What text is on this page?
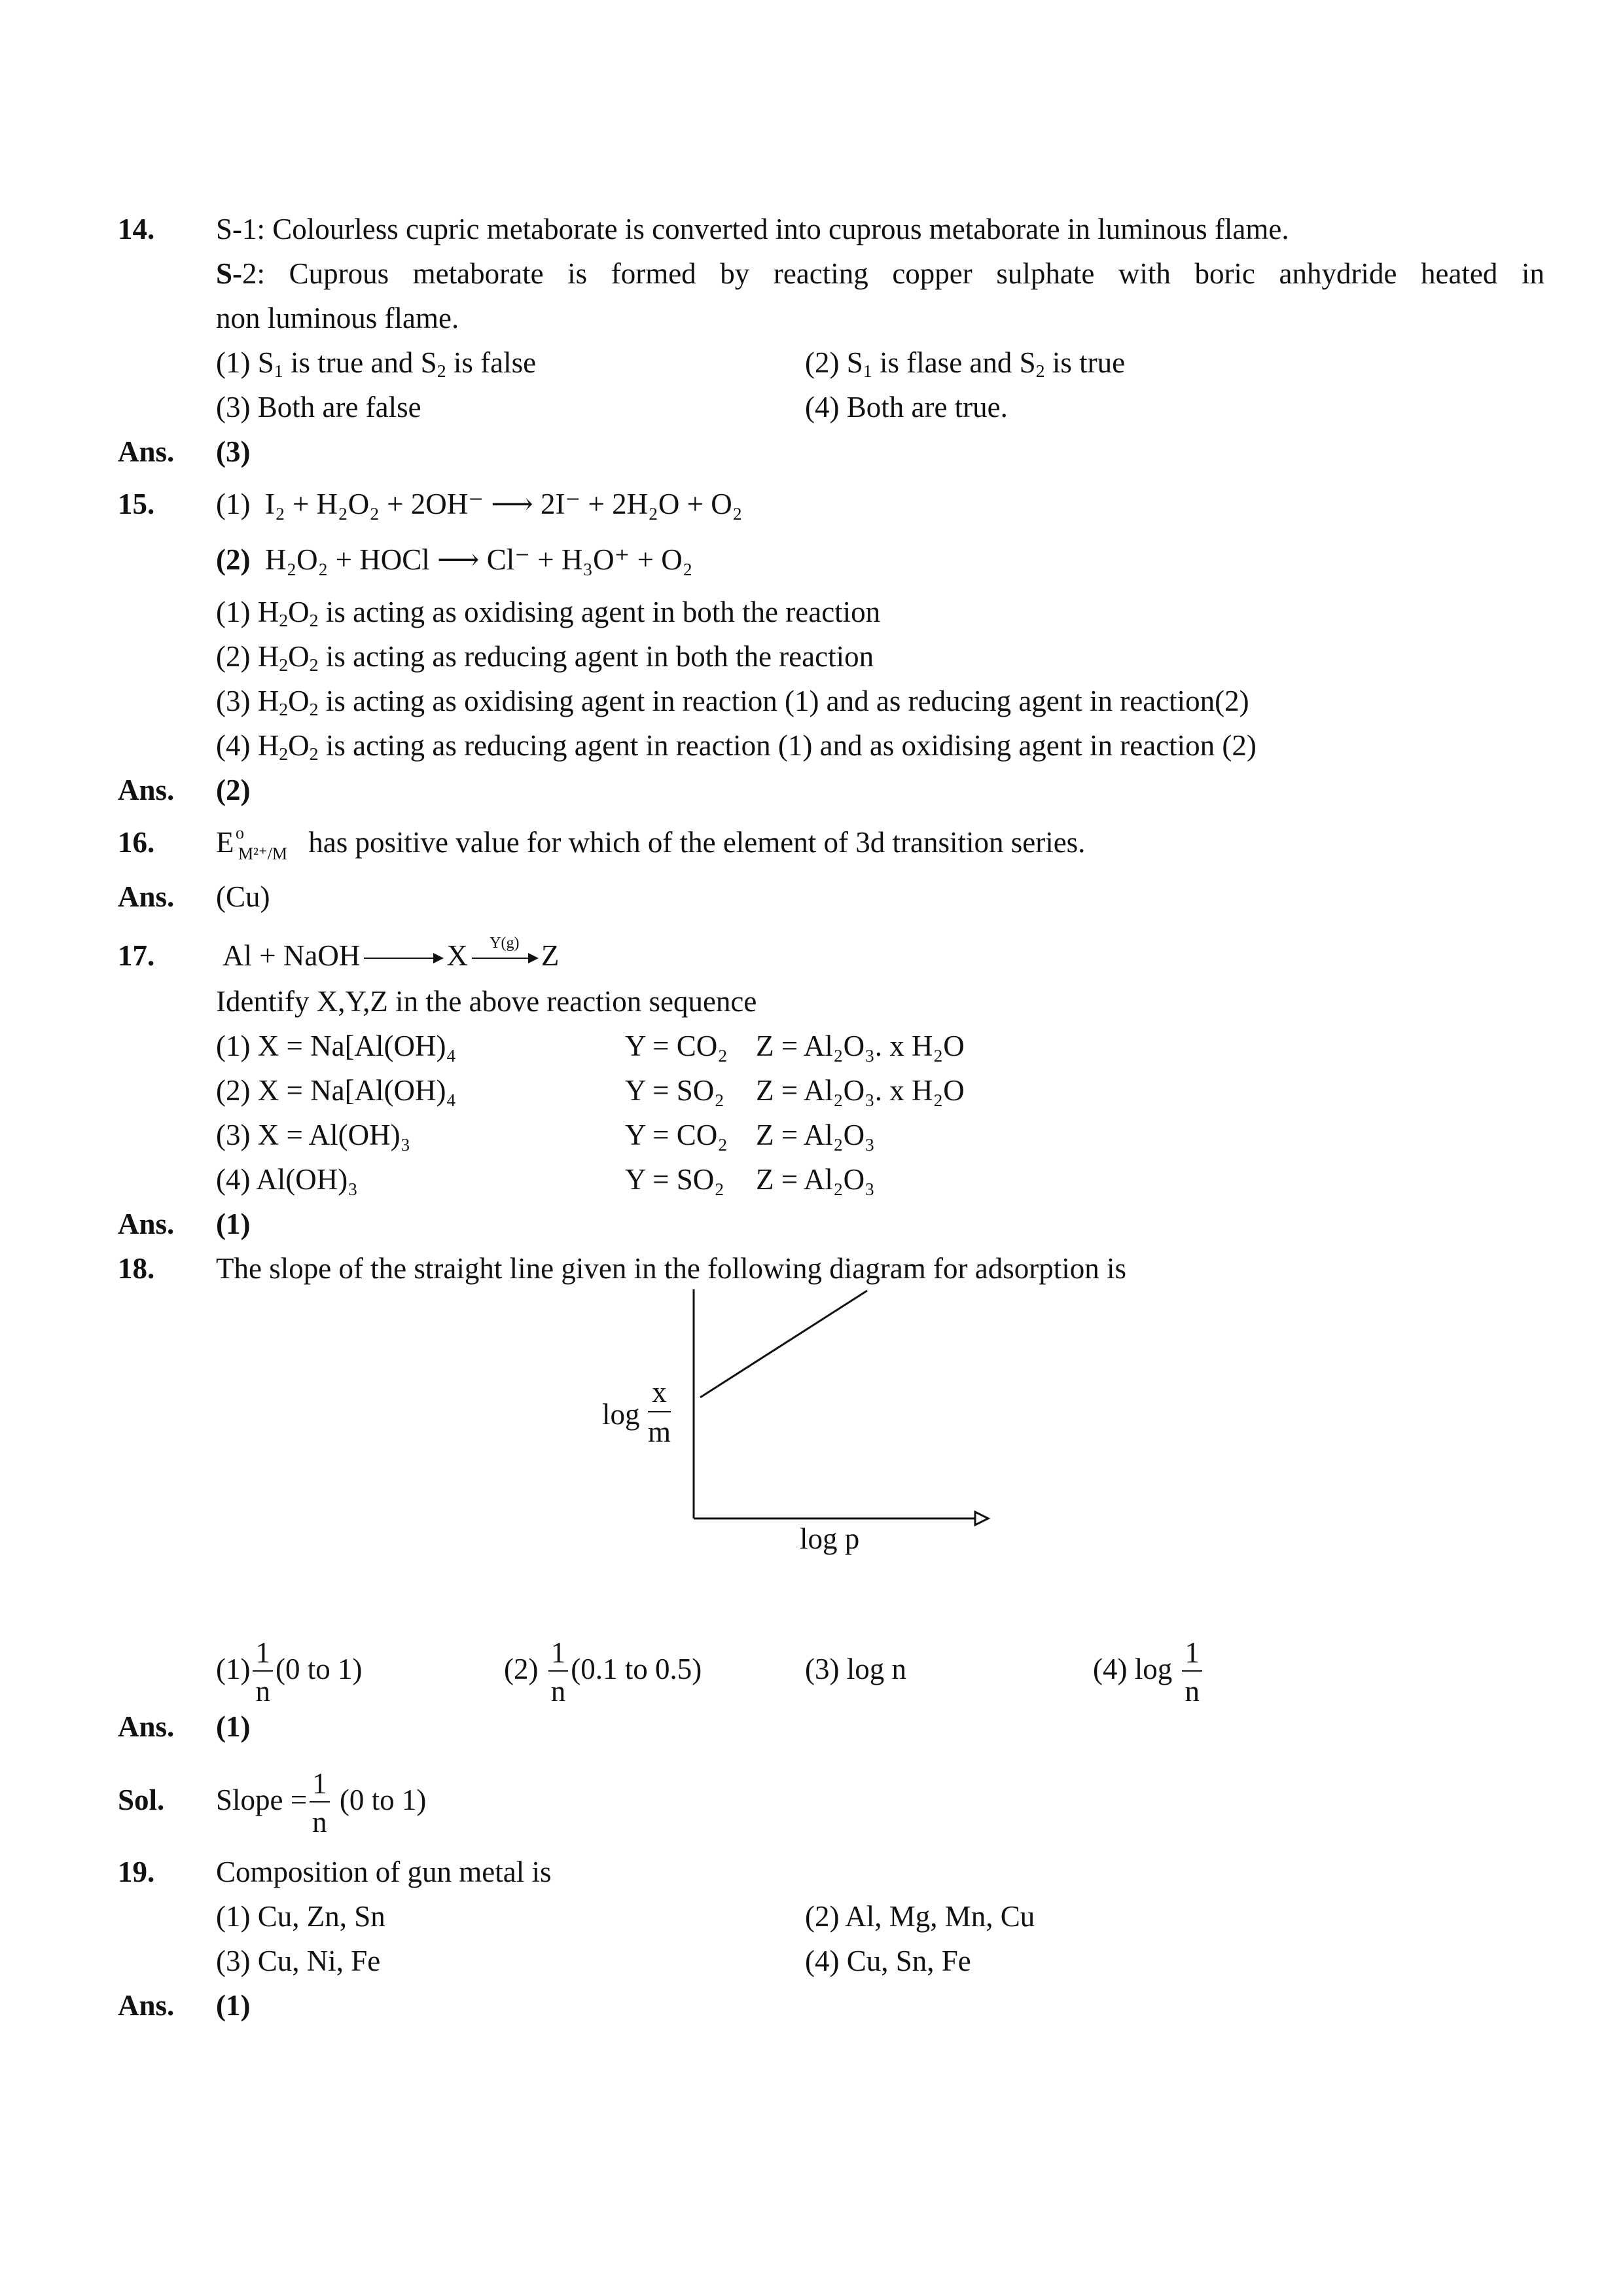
14. S-1: Colourless cupric metaborate is converted into cuprous metaborate in luminous flame.
S-2: Cuprous metaborate is formed by reacting copper sulphate with boric anhydride heated in
non luminous flame.
(1) $S_1$ is true and $S_2$ is false	(2) $S_1$ is flase and $S_2$ is true
(3) Both are false	(4) Both are true.
Ans. (3)
15. (1) I₂ + H₂O₂ + 2OH⁻ ⟶ 2I⁻ + 2H₂O + O₂
(2) H₂O₂ + HOCl ⟶ Cl⁻ + H₃O⁺ + O₂
(1) $H_2O_2$ is acting as oxidising agent in both the reaction
(2) $H_2O_2$ is acting as reducing agent in both the reaction
(3) $H_2O_2$ is acting as oxidising agent in reaction (1) and as reducing agent in reaction(2)
(4) $H_2O_2$ is acting as reducing agent in reaction (1) and as oxidising agent in reaction (2)
Ans. (2)
16. E o
M²⁺/M has positive value for which of the element of 3d transition series.
Ans. (Cu)
17. Al + NaOH → X	Y(g) Z
Identify X,Y,Z in the above reaction sequence
(1) X = Na[Al(OH)₄	Y = CO₂ Z = Al₂O₃. x H₂O
(2) X = Na[Al(OH)₄	Y = SO₂ Z = Al₂O₃. x H₂O
(3) X = Al(OH)₃	Y = CO₂ Z = Al₂O₃
(4) Al(OH)₃	Y = SO₂ Z = Al₂O₃
Ans. (1)
18. The slope of the straight line given in the following diagram for adsorption is
$\log \frac{x}{m}$
log p
$(1) \frac{1}{n} (0$ to 1)	$(2) \frac{1}{n} (0.1$ to 0.5)	(3) log n	(4) $\log \frac{1}{n}$
Ans. (1)
Sol. Slope = $\frac{1}{n} (0$ to 1)
19. Composition of gun metal is
(1) Cu, Zn, Sn	(2) Al, Mg, Mn, Cu
(3) Cu, Ni, Fe	(4) Cu, Sn, Fe
Ans. (1)
